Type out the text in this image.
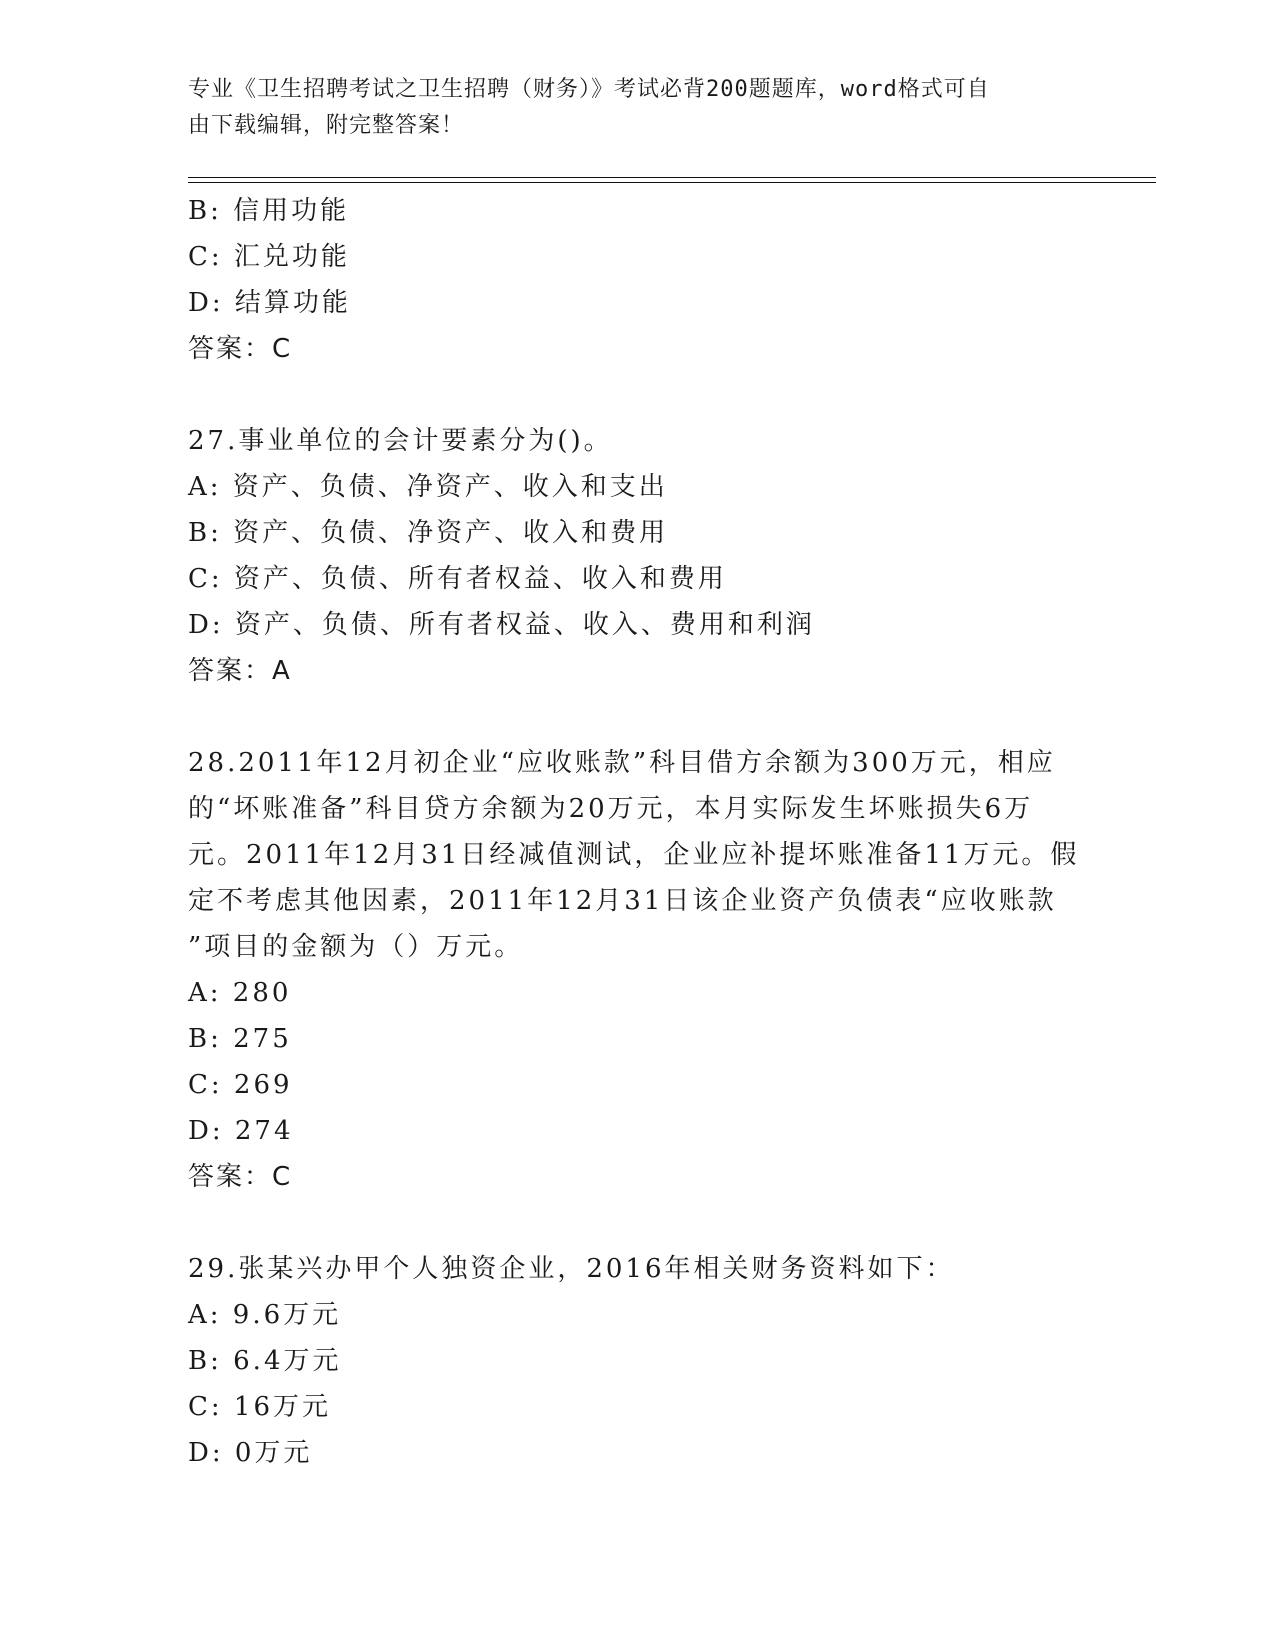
专业《卫生招聘考试之卫生招聘（财务）》考试必背200题题库，word格式可自
由下载编辑，附完整答案！
B: 信用功能
C: 汇兑功能
D: 结算功能
答案：C
27.事业单位的会计要素分为()。
A: 资产、负债、净资产、收入和支出
B: 资产、负债、净资产、收入和费用
C: 资产、负债、所有者权益、收入和费用
D: 资产、负债、所有者权益、收入、费用和利润
答案：A
28.2011年12月初企业“应收账款”科目借方余额为300万元，相应
的“坏账准备”科目贷方余额为20万元，本月实际发生坏账损失6万
元。2011年12月31日经减值测试，企业应补提坏账准备11万元。假
定不考虑其他因素，2011年12月31日该企业资产负债表“应收账款
”项目的金额为（）万元。
A: 280
B: 275
C: 269
D: 274
答案：C
29.张某兴办甲个人独资企业，2016年相关财务资料如下：
A: 9.6万元
B: 6.4万元
C: 16万元
D: 0万元
